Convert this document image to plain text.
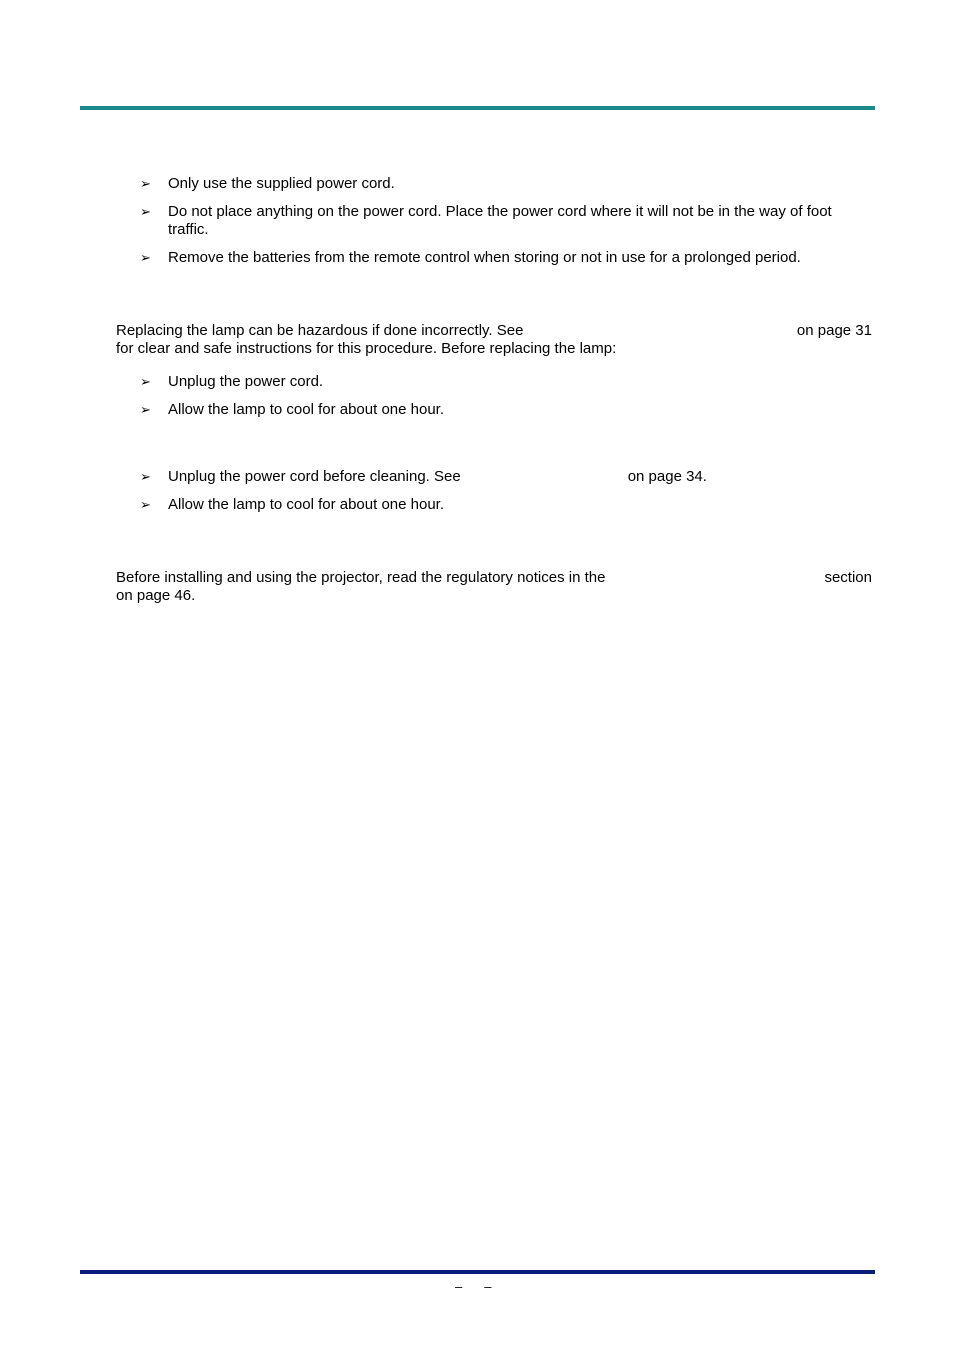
➢	Only use the supplied power cord.
➢	Do not place anything on the power cord. Place the power cord where it will not be in the way of foot traffic.
➢	Remove the batteries from the remote control when storing or not in use for a prolonged period.
Replacing the lamp can be hazardous if done incorrectly. See	on page 31
for clear and safe instructions for this procedure. Before replacing the lamp:
➢	Unplug the power cord.
➢	Allow the lamp to cool for about one hour.
➢	Unplug the power cord before cleaning. See	on page 34.
➢	Allow the lamp to cool for about one hour.
Before installing and using the projector, read the regulatory notices in the	section
on page 46.
– –
